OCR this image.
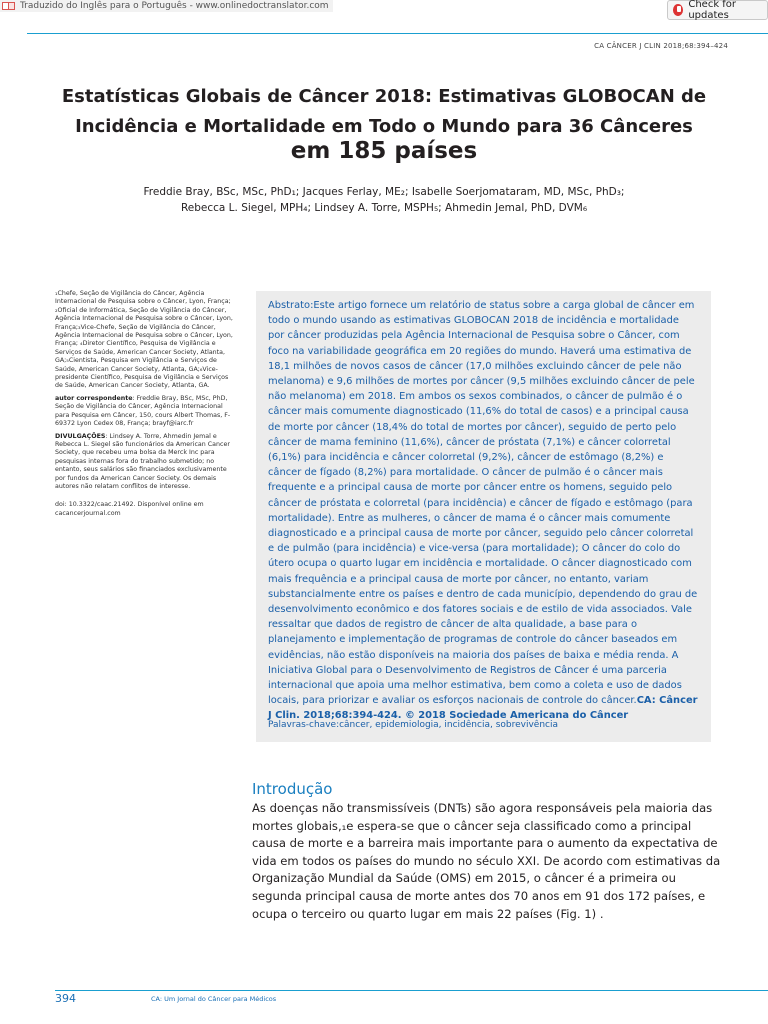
Traduzido do Inglês para o Português - www.onlinedoctranslator.com	Check for updates
CA CÂNCER J CLIN 2018;68:394–424
Estatísticas Globais de Câncer 2018: Estimativas GLOBOCAN de
Incidência e Mortalidade em Todo o Mundo para 36 Cânceres
em 185 países
Freddie Bray, BSc, MSc, PhD₁; Jacques Ferlay, ME₂; Isabelle Soerjomataram, MD, MSc, PhD₃;
Rebecca L. Siegel, MPH₄; Lindsey A. Torre, MSPH₅; Ahmedin Jemal, PhD, DVM₆

₁Chefe, Seção de Vigilância do Câncer, Agência Internacional de Pesquisa sobre o Câncer, Lyon, França; ₂Oficial de Informática, Seção de Vigilância do Câncer, Agência Internacional de Pesquisa sobre o Câncer, Lyon, França;₃Vice-Chefe, Seção de Vigilância do Câncer, Agência Internacional de Pesquisa sobre o Câncer, Lyon, França; ₄Diretor Científico, Pesquisa de Vigilância e Serviços de Saúde, American Cancer Society, Atlanta, GA;₅Cientista, Pesquisa em Vigilância e Serviços de Saúde, American Cancer Society, Atlanta, GA;₆Vice-presidente Científico, Pesquisa de Vigilância e Serviços de Saúde, American Cancer Society, Atlanta, GA.

autor correspondente: Freddie Bray, BSc, MSc, PhD, Seção de Vigilância do Câncer, Agência Internacional para Pesquisa em Câncer, 150, cours Albert Thomas, F-69372 Lyon Cedex 08, França; brayf@iarc.fr

DIVULGAÇÕES: Lindsey A. Torre, Ahmedin Jemal e Rebecca L. Siegel são funcionários da American Cancer Society, que recebeu uma bolsa da Merck Inc para pesquisas internas fora do trabalho submetido; no entanto, seus salários são financiados exclusivamente por fundos da American Cancer Society. Os demais autores não relatam conflitos de interesse.

doi: 10.3322/caac.21492. Disponível online em cacancerjournal.com

Abstrato:Este artigo fornece um relatório de status sobre a carga global de câncer em todo o mundo usando as estimativas GLOBOCAN 2018 de incidência e mortalidade por câncer produzidas pela Agência Internacional de Pesquisa sobre o Câncer, com foco na variabilidade geográfica em 20 regiões do mundo. Haverá uma estimativa de 18,1 milhões de novos casos de câncer (17,0 milhões excluindo câncer de pele não melanoma) e 9,6 milhões de mortes por câncer (9,5 milhões excluindo câncer de pele não melanoma) em 2018. Em ambos os sexos combinados, o câncer de pulmão é o câncer mais comumente diagnosticado (11,6% do total de casos) e a principal causa de morte por câncer (18,4% do total de mortes por câncer), seguido de perto pelo câncer de mama feminino (11,6%), câncer de próstata (7,1%) e câncer colorretal (6,1%) para incidência e câncer colorretal (9,2%), câncer de estômago (8,2%) e câncer de fígado (8,2%) para mortalidade. O câncer de pulmão é o câncer mais frequente e a principal causa de morte por câncer entre os homens, seguido pelo câncer de próstata e colorretal (para incidência) e câncer de fígado e estômago (para mortalidade). Entre as mulheres, o câncer de mama é o câncer mais comumente diagnosticado e a principal causa de morte por câncer, seguido pelo câncer colorretal e de pulmão (para incidência) e vice-versa (para mortalidade); O câncer do colo do útero ocupa o quarto lugar em incidência e mortalidade. O câncer diagnosticado com mais frequência e a principal causa de morte por câncer, no entanto, variam substancialmente entre os países e dentro de cada município, dependendo do grau de desenvolvimento econômico e dos fatores sociais e de estilo de vida associados. Vale ressaltar que dados de registro de câncer de alta qualidade, a base para o planejamento e implementação de programas de controle do câncer baseados em evidências, não estão disponíveis na maioria dos países de baixa e média renda. A Iniciativa Global para o Desenvolvimento de Registros de Câncer é uma parceria internacional que apoia uma melhor estimativa, bem como a coleta e uso de dados locais, para priorizar e avaliar os esforços nacionais de controle do câncer.CA: Câncer J Clin. 2018;68:394-424. © 2018 Sociedade Americana do Câncer
Palavras-chave:câncer, epidemiologia, incidência, sobrevivência
Introdução
As doenças não transmissíveis (DNTs) são agora responsáveis pela maioria das mortes globais,₁e espera-se que o câncer seja classificado como a principal causa de morte e a barreira mais importante para o aumento da expectativa de vida em todos os países do mundo no século XXI. De acordo com estimativas da Organização Mundial da Saúde (OMS) em 2015, o câncer é a primeira ou segunda principal causa de morte antes dos 70 anos em 91 dos 172 países, e ocupa o terceiro ou quarto lugar em mais 22 países (Fig. 1) .
394	CA: Um Jornal do Câncer para Médicos
